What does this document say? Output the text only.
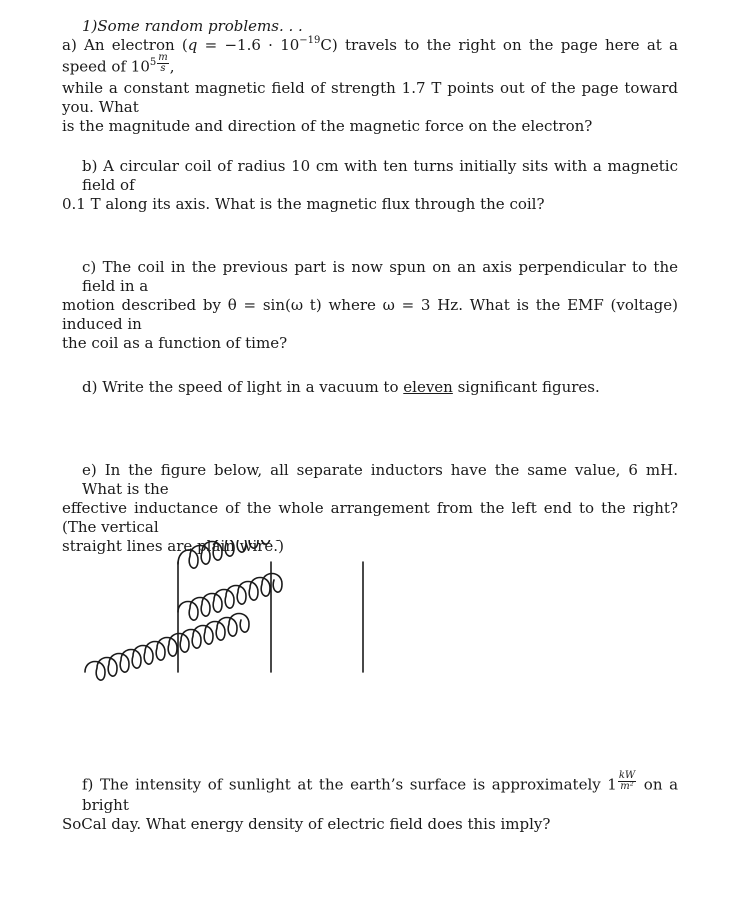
1)Some random problems. . .
a) An electron $(q = -1.6 \cdot 10^{-19}C)$ travels to the right on the page here at a speed of $10^5 \frac{m}{s}$ ,
while a constant magnetic field of strength 1.7 T points out of the page toward you. What
is the magnitude and direction of the magnetic force on the electron?
b) A circular coil of radius 10 cm with ten turns initially sits with a magnetic field of
0.1 T along its axis. What is the magnetic flux through the coil?
c) The coil in the previous part is now spun on an axis perpendicular to the field in a
motion described by θ = sin(ω t) where ω = 3 Hz. What is the EMF (voltage) induced in
the coil as a function of time?
d) Write the speed of light in a vacuum to eleven significant figures.
e) In the figure below, all separate inductors have the same value, 6 mH. What is the
effective inductance of the whole arrangement from the left end to the right? (The vertical
straight lines are plain wire.)
f) The intensity of sunlight at the earth’s surface is approximately $1 \frac{kW}{\text{m²}}$ on a bright
SoCal day. What energy density of electric field does this imply?
